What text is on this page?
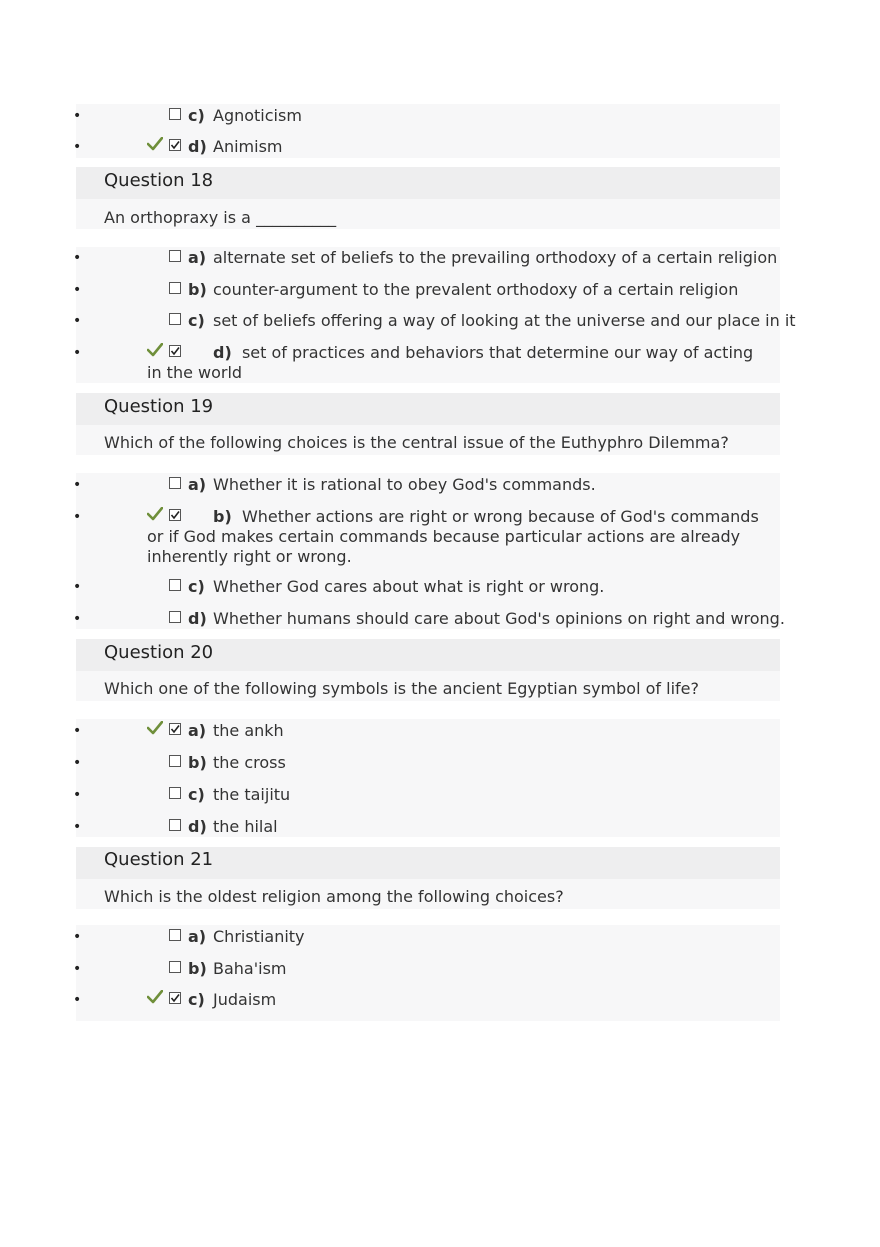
•	c) Agnoticism
•	d) Animism
Question 18
An orthopraxy is a __________
•	a) alternate set of beliefs to the prevailing orthodoxy of a certain religion
•	b) counter-argument to the prevalent orthodoxy of a certain religion
•	c) set of beliefs offering a way of looking at the universe and our place in it
•	d) set of practices and behaviors that determine our way of acting in the world
Question 19
Which of the following choices is the central issue of the Euthyphro Dilemma?
•	a) Whether it is rational to obey God's commands.
•	b) Whether actions are right or wrong because of God's commands or if God makes certain commands because particular actions are already inherently right or wrong.
•	c) Whether God cares about what is right or wrong.
•	d) Whether humans should care about God's opinions on right and wrong.
Question 20
Which one of the following symbols is the ancient Egyptian symbol of life?
•	a) the ankh
•	b) the cross
•	c) the taijitu
•	d) the hilal
Question 21
Which is the oldest religion among the following choices?
•	a) Christianity
•	b) Baha'ism
•	c) Judaism
